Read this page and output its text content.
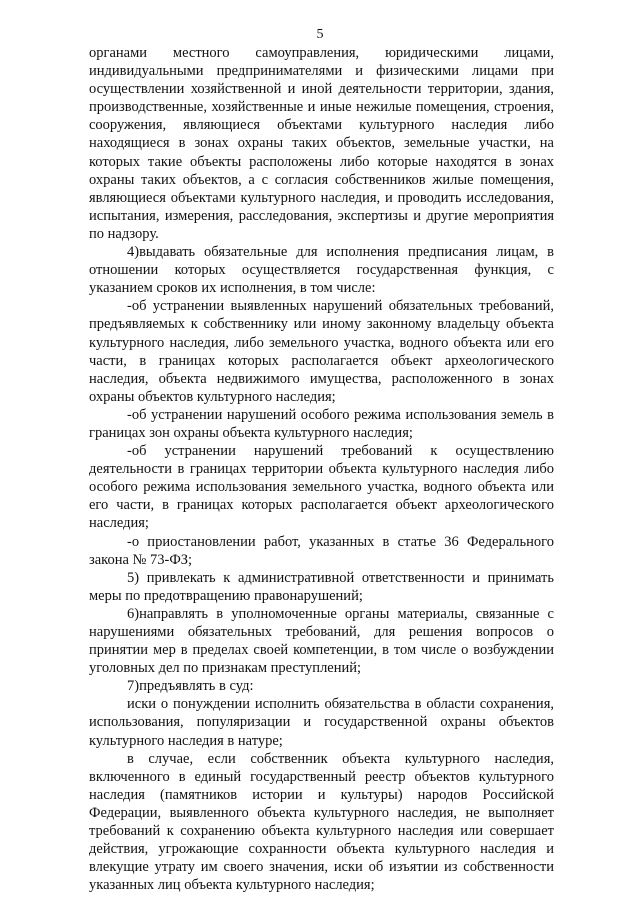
5

органами местного самоуправления, юридическими лицами, индивидуальными предпринимателями и физическими лицами при осуществлении хозяйственной и иной деятельности территории, здания, производственные, хозяйственные и иные нежилые помещения, строения, сооружения, являющиеся объектами культурного наследия либо находящиеся в зонах охраны таких объектов, земельные участки, на которых такие объекты расположены либо которые находятся в зонах охраны таких объектов, а с согласия собственников жилые помещения, являющиеся объектами культурного наследия, и проводить исследования, испытания, измерения, расследования, экспертизы и другие мероприятия по надзору.

4)выдавать обязательные для исполнения предписания лицам, в отношении которых осуществляется государственная функция, с указанием сроков их исполнения, в том числе:

-об устранении выявленных нарушений обязательных требований, предъявляемых к собственнику или иному законному владельцу объекта культурного наследия, либо земельного участка, водного объекта или его части, в границах которых располагается объект археологического наследия, объекта недвижимого имущества, расположенного в зонах охраны объектов культурного наследия;

-об устранении нарушений особого режима использования земель в границах зон охраны объекта культурного наследия;

-об устранении нарушений требований к осуществлению деятельности в границах территории объекта культурного наследия либо особого режима использования земельного участка, водного объекта или его части, в границах которых располагается объект археологического наследия;

-о приостановлении работ, указанных в статье 36 Федерального закона № 73-ФЗ;

5) привлекать к административной ответственности и принимать меры по предотвращению правонарушений;

6)направлять в уполномоченные органы материалы, связанные с нарушениями обязательных требований, для решения вопросов о принятии мер в пределах своей компетенции, в том числе о возбуждении уголовных дел по признакам преступлений;

7)предъявлять в суд:

иски о понуждении исполнить обязательства в области сохранения, использования, популяризации и государственной охраны объектов культурного наследия в натуре;

в случае, если собственник объекта культурного наследия, включенного в единый государственный реестр объектов культурного наследия (памятников истории и культуры) народов Российской Федерации, выявленного объекта культурного наследия, не выполняет требований к сохранению объекта культурного наследия или совершает действия, угрожающие сохранности объекта культурного наследия и влекущие утрату им своего значения, иски об изъятии из собственности указанных лиц объекта культурного наследия;
